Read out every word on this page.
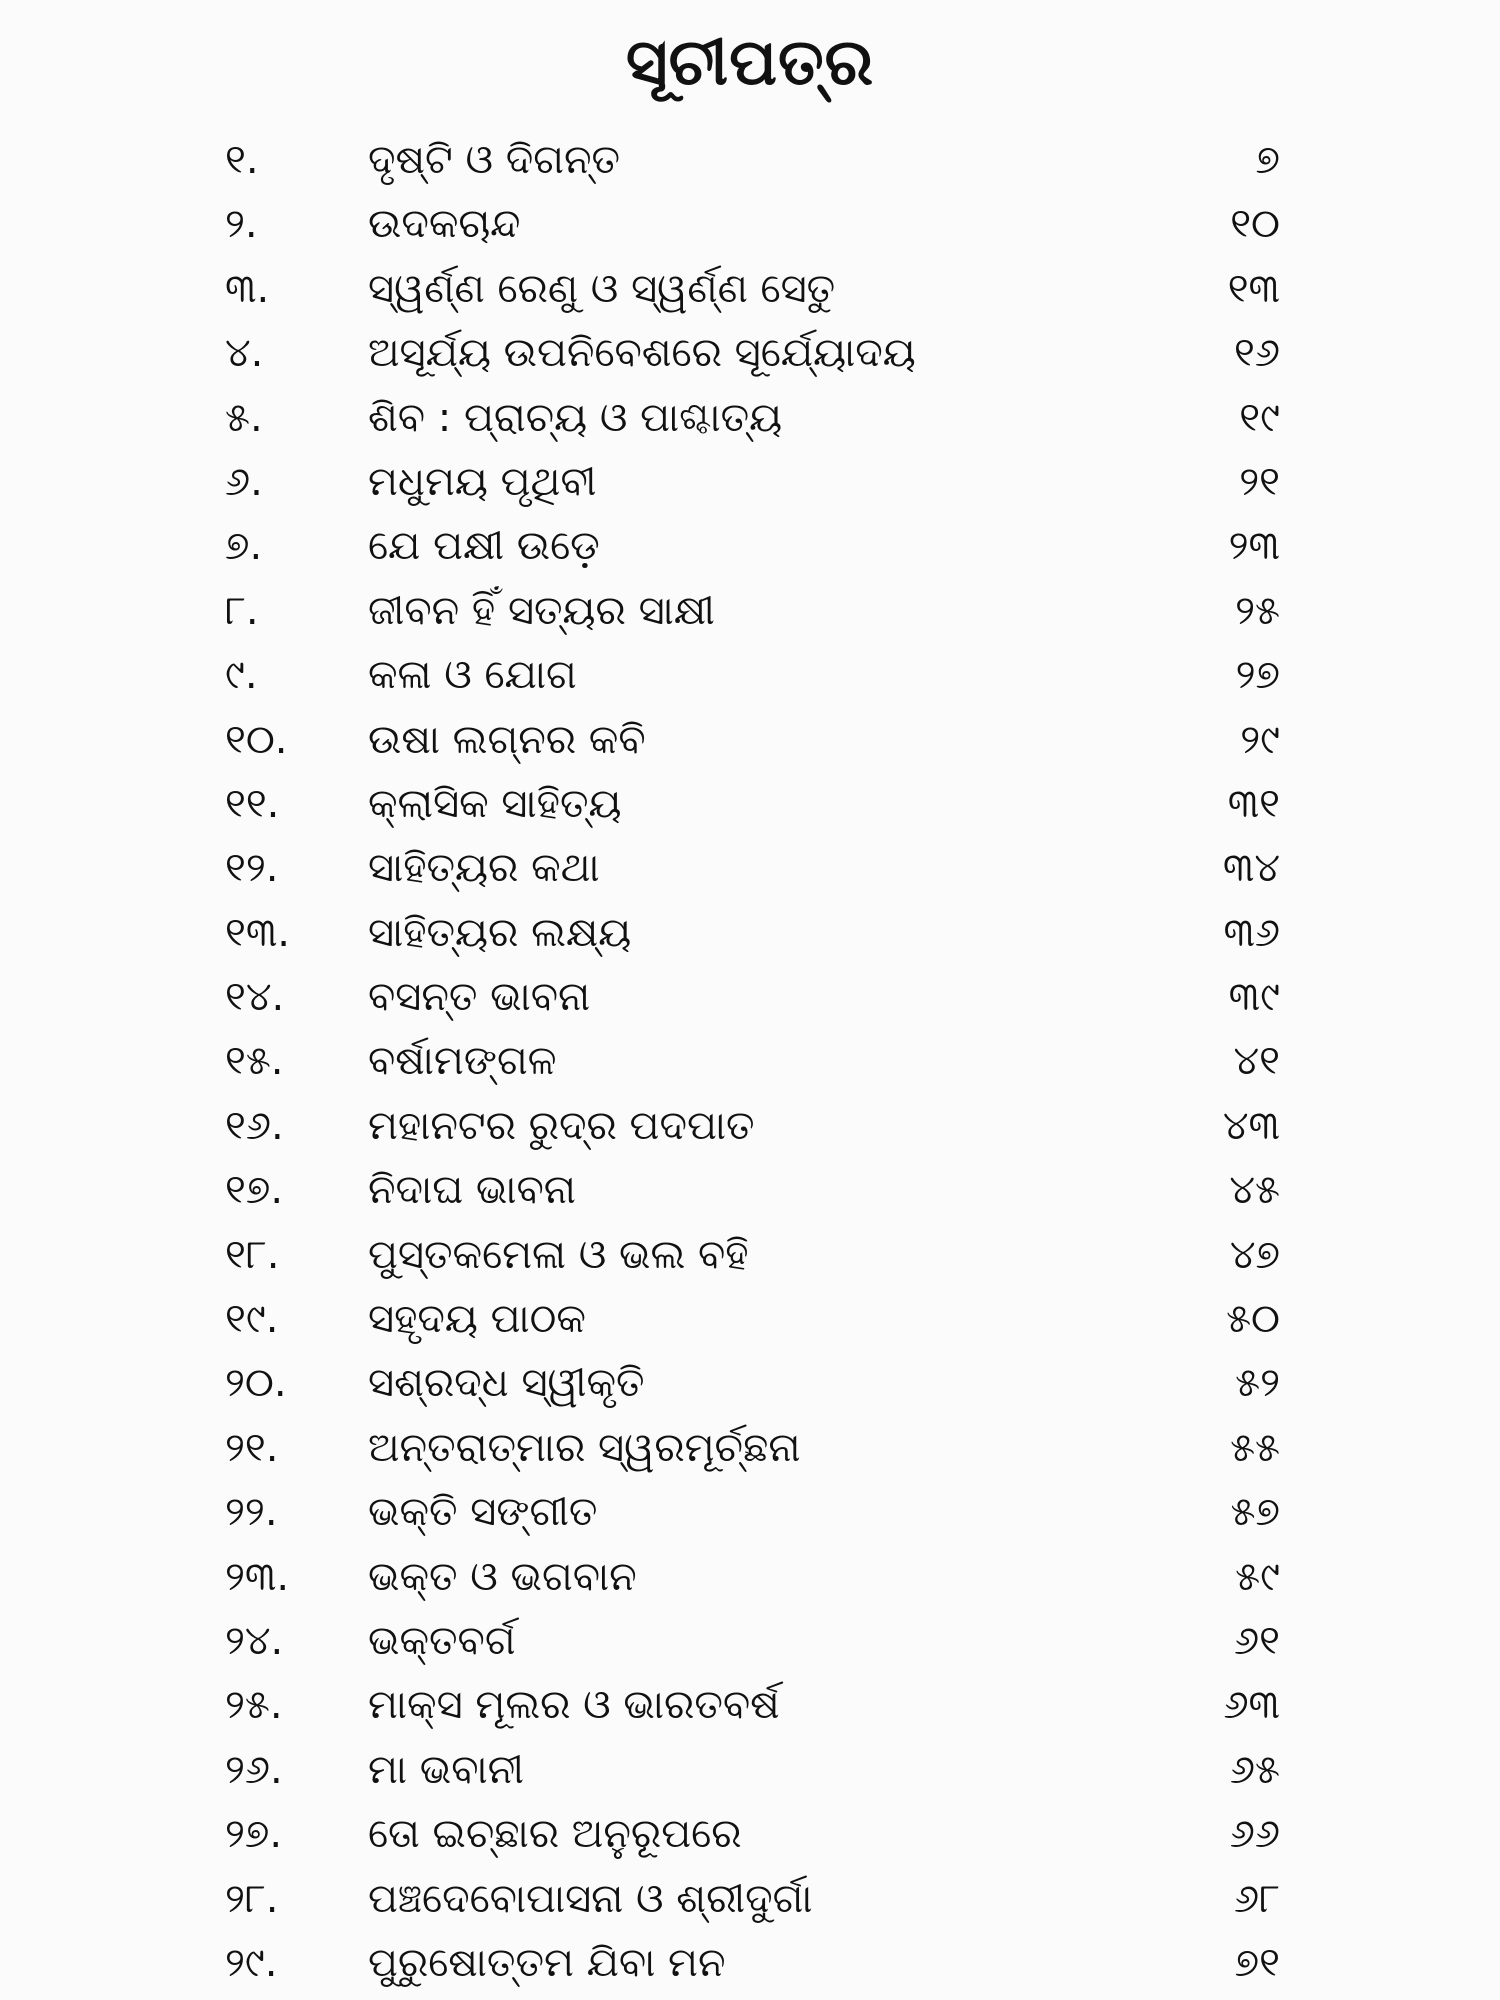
ସୂଚୀପତ୍ର
୧.	ଦୃଷ୍ଟି ଓ ଦିଗନ୍ତ	୭
୨.	ଉଦକଚାନ୍ଦ	୧୦
୩. ସ୍ୱର୍ଣ୍ଣ ରେଣୁ ଓ ସ୍ୱର୍ଣ୍ଣ ସେତୁ	୧୩
୪.	ଅସୂର୍ଯ୍ୟ ଉପନିବେଶରେ ସୂର୍ଯ୍ୟୋଦୟ	୧୬
୫.	ଶିବ : ପ୍ରାଚ୍ୟ ଓ ପାଶ୍ଚାତ୍ୟ	୧୯
୬.	ମଧୁମୟ ପୃଥିବୀ	୨୧
୭.	ଯେ ପକ୍ଷୀ ଉଡ଼େ	୨୩
୮.	ଜୀବନ ହିଁ ସତ୍ୟର ସାକ୍ଷୀ	୨୫
୯.	କଳା ଓ ଯୋଗ	୨୭
୧୦. ଉଷା ଲଗ୍ନର କବି	୨୯
୧୧. କ୍ଲାସିକ ସାହିତ୍ୟ	୩୧
୧୨. ସାହିତ୍ୟର କଥା	୩୪
୧୩. ସାହିତ୍ୟର ଲକ୍ଷ୍ୟ	୩୬
୧୪. ବସନ୍ତ ଭାବନା	୩୯
୧୫. ବର୍ଷାମଙ୍ଗଳ	୪୧
୧୬. ମହାନଟର ରୁଦ୍ର ପଦପାତ	୪୩
୧୭. ନିଦାଘ ଭାବନା	୪୫
୧୮. ପୁସ୍ତକମେଳା ଓ ଭଲ ବହି	୪୭
୧୯. ସହୃଦୟ ପାଠକ	୫୦
୨୦. ସଶ୍ରଦ୍ଧ ସ୍ୱୀକୃତି	୫୨
୨୧. ଅନ୍ତରାତ୍ମାର ସ୍ୱରମୂର୍ଚ୍ଛନା	୫୫
୨୨. ଭକ୍ତି ସଙ୍ଗୀତ	୫୭
୨୩. ଭକ୍ତ ଓ ଭଗବାନ	୫୯
୨୪. ଭକ୍ତବର୍ଗ	୬୧
୨୫. ମାକ୍ସ ମୂଲର ଓ ଭାରତବର୍ଷ	୬୩
୨୬. ମା ଭବାନୀ	୬୫
୨୭. ତୋ ଇଚ୍ଛାର ଅନୁରୂପରେ	୬୬
୨୮. ପଞ୍ଚଦେବୋପାସନା ଓ ଶ୍ରୀଦୁର୍ଗା	୬୮
୨୯. ପୁରୁଷୋତ୍ତମ ଯିବା ମନ	୭୧
